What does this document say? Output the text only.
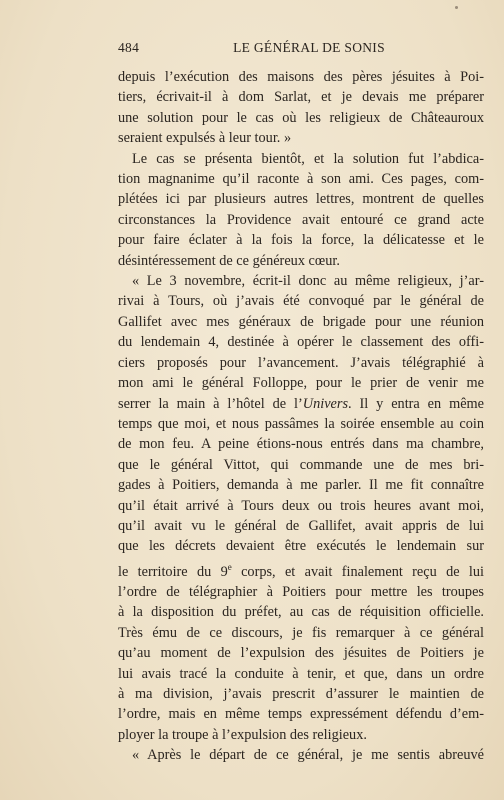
484	LE GÉNÉRAL DE SONIS
depuis l’exécution des maisons des pères jésuites à Poi-
tiers, écrivait-il à dom Sarlat, et je devais me préparer
une solution pour le cas où les religieux de Châteauroux
seraient expulsés à leur tour. »
Le cas se présenta bientôt, et la solution fut l’abdica-
tion magnanime qu’il raconte à son ami. Ces pages, com-
plétées ici par plusieurs autres lettres, montrent de quelles
circonstances la Providence avait entouré ce grand acte
pour faire éclater à la fois la force, la délicatesse et le
désintéressement de ce généreux cœur.
« Le 3 novembre, écrit-il donc au même religieux, j’ar-
rivai à Tours, où j’avais été convoqué par le général de
Gallifet avec mes généraux de brigade pour une réunion
du lendemain 4, destinée à opérer le classement des offi-
ciers proposés pour l’avancement. J’avais télégraphié à
mon ami le général Folloppe, pour le prier de venir me
serrer la main à l’hôtel de l’Univers. Il y entra en même
temps que moi, et nous passâmes la soirée ensemble au coin
de mon feu. A peine étions-nous entrés dans ma chambre,
que le général Vittot, qui commande une de mes bri-
gades à Poitiers, demanda à me parler. Il me fit connaître
qu’il était arrivé à Tours deux ou trois heures avant moi,
qu’il avait vu le général de Gallifet, avait appris de lui
que les décrets devaient être exécutés le lendemain sur
le territoire du 9e corps, et avait finalement reçu de lui
l’ordre de télégraphier à Poitiers pour mettre les troupes
à la disposition du préfet, au cas de réquisition officielle.
Très ému de ce discours, je fis remarquer à ce général
qu’au moment de l’expulsion des jésuites de Poitiers je
lui avais tracé la conduite à tenir, et que, dans un ordre
à ma division, j’avais prescrit d’assurer le maintien de
l’ordre, mais en même temps expressément défendu d’em-
ployer la troupe à l’expulsion des religieux.
« Après le départ de ce général, je me sentis abreuvé
